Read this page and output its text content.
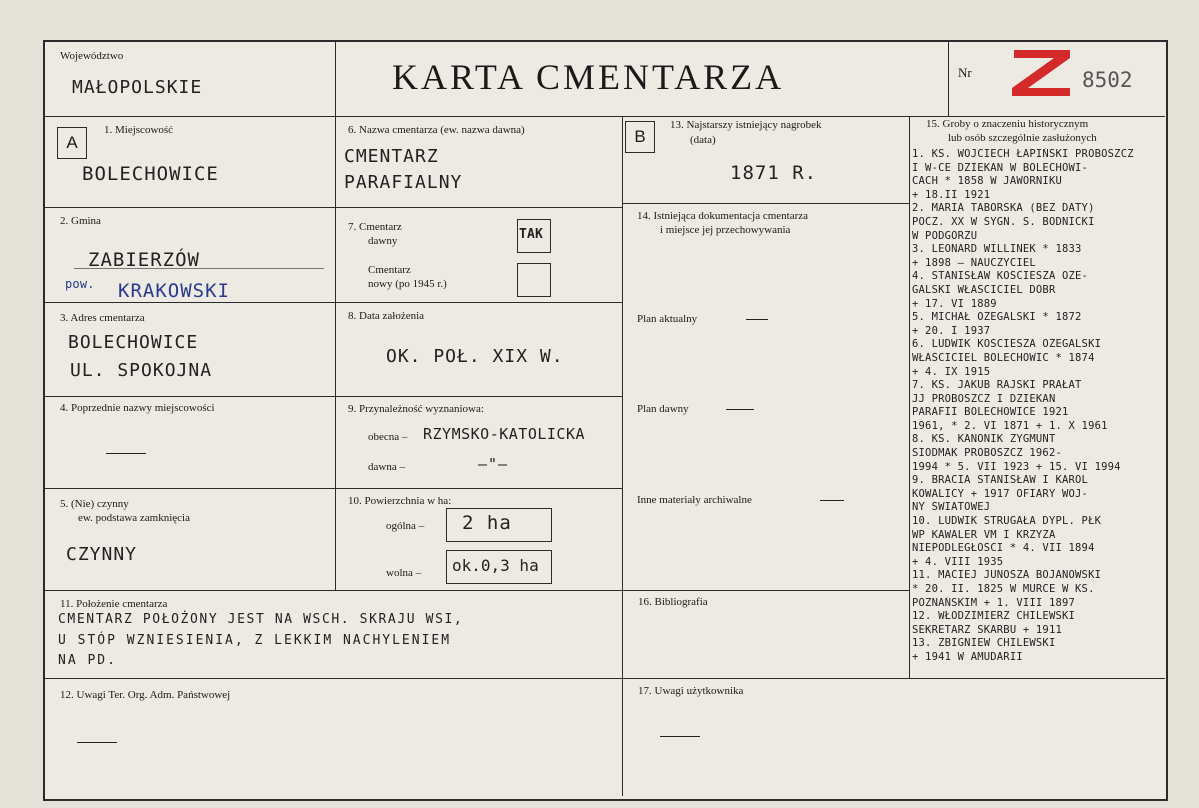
Województwo
MAŁOPOLSKIE	KARTA CMENTARZA	Nr	8502
A
1. Miejscowość
BOLECHOWICE
2. Gmina
ZABIERZÓW
pow. KRAKOWSKI
3. Adres cmentarza
BOLECHOWICE
UL. SPOKOJNA
4. Poprzednie nazwy miejscowości
5. (Nie) czynny
ew. podstawa zamknięcia
CZYNNY
6. Nazwa cmentarza (ew. nazwa dawna)
CMENTARZ
PARAFIALNY
7. Cmentarz
dawny	TAK
Cmentarz
nowy (po 1945 r.)
8. Data założenia
OK. POŁ. XIX W.
9. Przynależność wyznaniowa:
obecna – RZYMSKO-KATOLICKA
dawna –	–"–
10. Powierzchnia w ha:
ogólna – 2 ha
wolna – ok.0,3 ha
B
13. Najstarszy istniejący nagrobek
(data)
1871 R.
14. Istniejąca dokumentacja cmentarza
i miejsce jej przechowywania
Plan aktualny
Plan dawny
Inne materiały archiwalne
16. Bibliografia
17. Uwagi użytkownika
15. Groby o znaczeniu historycznym
lub osób szczególnie zasłużonych
1. KS. WOJCIECH ŁAPIŃSKI PROBOSZCZ
I W-CE DZIEKAN W BOLECHOWI-
CACH * 1858 W JAWORNIKU
+ 18.II 1921
2. MARIA TABORSKA (BEZ DATY)
POCZ. XX W SYGN. S. BODNICKI
W PODGÓRZU
3. LEONARD WILLINEK * 1833
+ 1898 – NAUCZYCIEL
4. STANISŁAW KOŚCIESZA OŻE-
GALSKI WŁAŚCICIEL DÓBR
+ 17. VI 1889
5. MICHAŁ OŻEGALSKI * 1872
+ 20. I 1937
6. LUDWIK KOŚCIESZA OŻEGALSKI
WŁAŚCICIEL BOLECHOWIC * 1874
+ 4. IX 1915
7. KS. JAKUB RAJSKI PRAŁAT
JJ PROBOSZCZ I DZIEKAN
PARAFII BOLECHOWICE 1921
1961, * 2. VI 1871 + 1. X 1961
8. KS. KANONIK ZYGMUNT
SIODMAK PROBOSZCZ 1962-
1994 * 5. VII 1923 + 15. VI 1994
9. BRACIA STANISŁAW I KAROL
KOWALICY + 1917 OFIARY WOJ-
NY ŚWIATOWEJ
10. LUDWIK STRUGAŁA DYPL. PŁK
WP KAWALER VM I KRZYŻA
NIEPODLEGŁOŚCI * 4. VII 1894
+ 4. VIII 1935
11. MACIEJ JUNOSZA BOJANOWSKI
* 20. II. 1825 W MURCE W KS.
POZNAŃSKIM + 1. VIII 1897
12. WŁODZIMIERZ CHILEWSKI
SEKRETARZ SKARBU + 1911
13. ZBIGNIEW CHILEWSKI
+ 1941 W AMUDARII
11. Położenie cmentarza
CMENTARZ POŁOŻONY JEST NA WSCH. SKRAJU WSI,
U STÓP WZNIESIENIA, Z LEKKIM NACHYLENIEM
NA PD.
12. Uwagi Ter. Org. Adm. Państwowej
